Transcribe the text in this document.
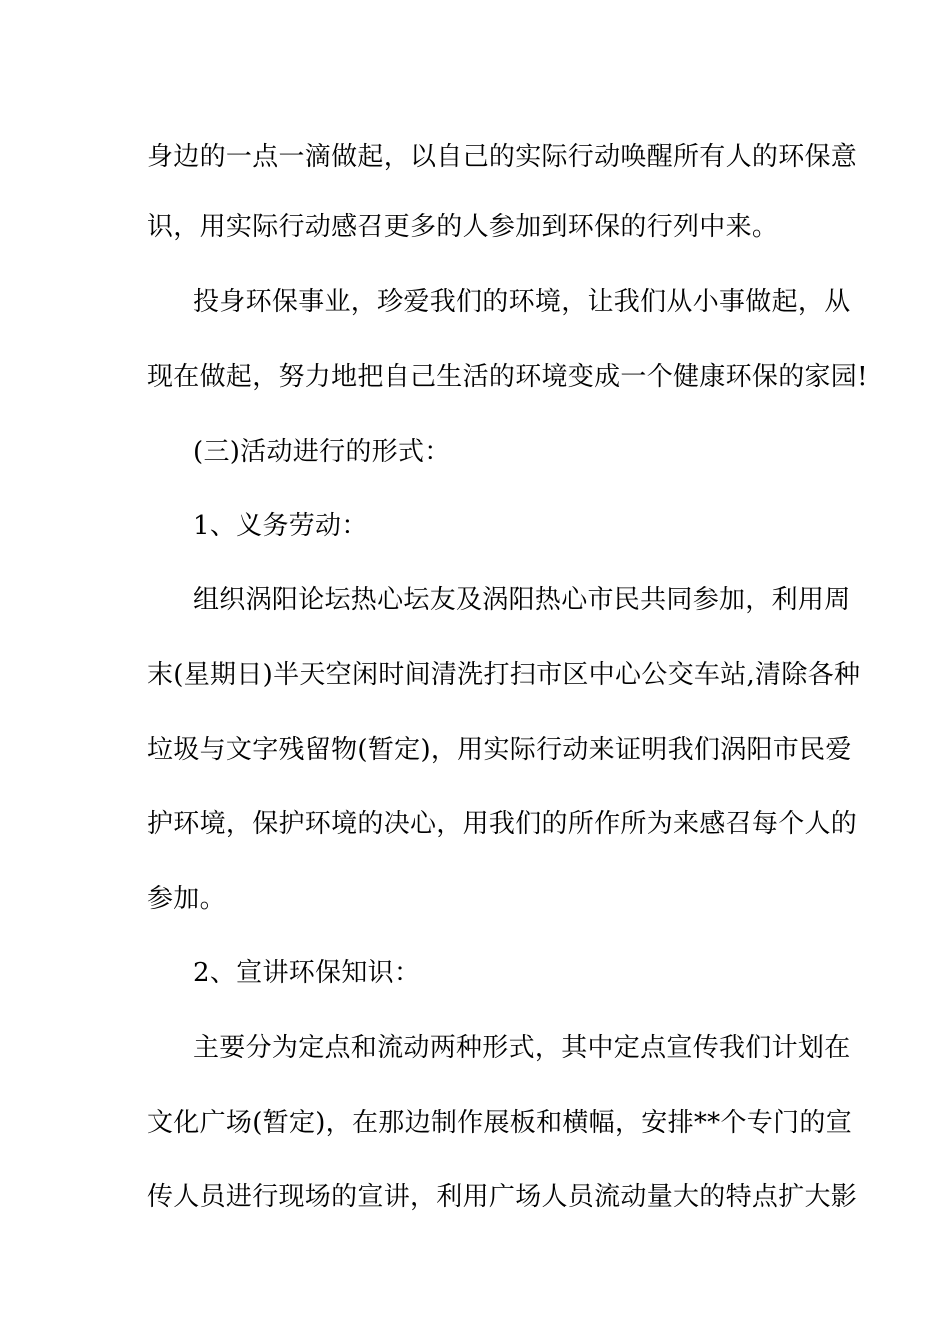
身边的一点一滴做起，以自己的实际行动唤醒所有人的环保意
识，用实际行动感召更多的人参加到环保的行列中来。
投身环保事业，珍爱我们的环境，让我们从小事做起，从
现在做起，努力地把自己生活的环境变成一个健康环保的家园!
(三)活动进行的形式：
1、义务劳动：
组织涡阳论坛热心坛友及涡阳热心市民共同参加，利用周
末(星期日)半天空闲时间清洗打扫市区中心公交车站,清除各种
垃圾与文字残留物(暂定)，用实际行动来证明我们涡阳市民爱
护环境，保护环境的决心，用我们的所作所为来感召每个人的
参加。
2、宣讲环保知识：
主要分为定点和流动两种形式，其中定点宣传我们计划在
文化广场(暂定)，在那边制作展板和横幅，安排**个专门的宣
传人员进行现场的宣讲，利用广场人员流动量大的特点扩大影
